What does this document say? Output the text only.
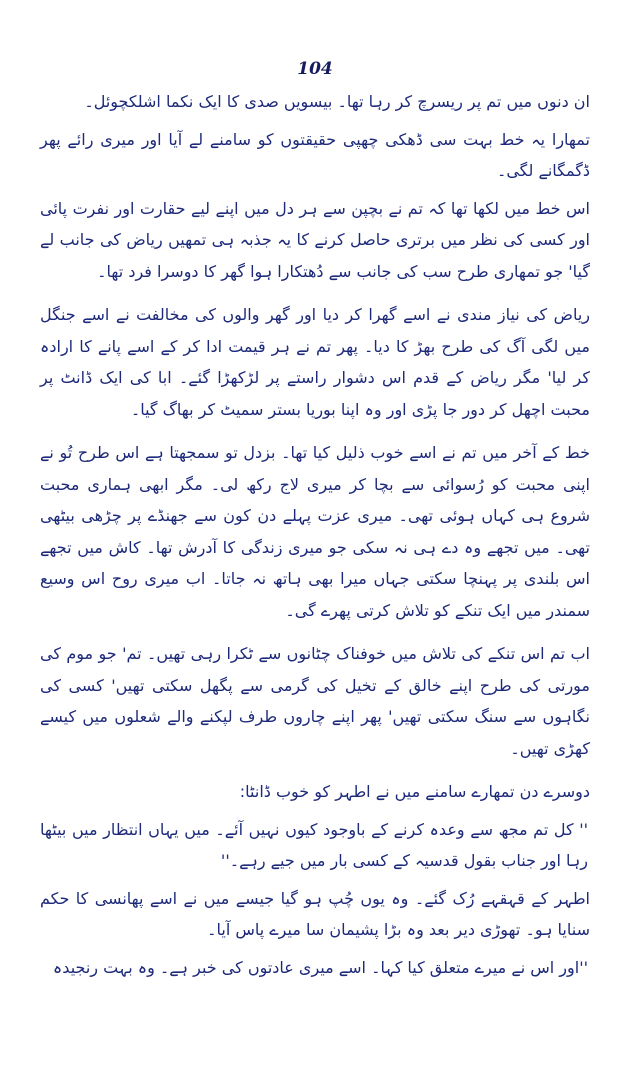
104

ان دنوں میں تم پر ریسرچ کر رہا تھا۔ بیسویں صدی کا ایک نکما اشلکچوئل۔

تمھارا یہ خط بہت سی ڈھکی چھپی حقیقتوں کو سامنے لے آیا اور میری رائے پھر ڈگمگانے لگی۔

اس خط میں لکھا تھا کہ تم نے بچپن سے ہر دل میں اپنے لیے حقارت اور نفرت پائی اور کسی کی نظر میں برتری حاصل کرنے کا یہ جذبہ ہی تمھیں ریاض کی جانب لے گیا' جو تمھاری طرح سب کی جانب سے دُھتکارا ہوا گھر کا دوسرا فرد تھا۔

ریاض کی نیاز مندی نے اسے گھرا کر دیا اور گھر والوں کی مخالفت نے اسے جنگل میں لگی آگ کی طرح بھڑ کا دیا۔ پھر تم نے ہر قیمت ادا کر کے اسے پانے کا ارادہ کر لیا' مگر ریاض کے قدم اس دشوار راستے پر لڑکھڑا گئے۔ ابا کی ایک ڈانٹ پر محبت اچھل کر دور جا پڑی اور وہ اپنا بوریا بستر سمیٹ کر بھاگ گیا۔

خط کے آخر میں تم نے اسے خوب ذلیل کیا تھا۔ بزدل تو سمجھتا ہے اس طرح تُو نے اپنی محبت کو رُسوائی سے بچا کر میری لاج رکھ لی۔ مگر ابھی ہماری محبت شروع ہی کہاں ہوئی تھی۔ میری عزت پہلے دن کون سے جھنڈے پر چڑھی بیٹھی تھی۔ میں تجھے وہ دے ہی نہ سکی جو میری زندگی کا آدرش تھا۔ کاش میں تجھے اس بلندی پر پہنچا سکتی جہاں میرا بھی ہاتھ نہ جاتا۔ اب میری روح اس وسیع سمندر میں ایک تنکے کو تلاش کرتی پھرے گی۔

اب تم اس تنکے کی تلاش میں خوفناک چٹانوں سے ٹکرا رہی تھیں۔ تم' جو موم کی مورتی کی طرح اپنے خالق کے تخیل کی گرمی سے پگھل سکتی تھیں' کسی کی نگاہوں سے سنگ سکتی تھیں' پھر اپنے چاروں طرف لپکنے والے شعلوں میں کیسے کھڑی تھیں۔

دوسرے دن تمھارے سامنے میں نے اطہر کو خوب ڈانٹا:

'' کل تم مجھ سے وعدہ کرنے کے باوجود کیوں نہیں آئے۔ میں یہاں انتظار میں بیٹھا رہا اور جناب بقول قدسیہ کے کسی بار میں جیے رہے۔''

اطہر کے قہقہے رُک گئے۔ وہ یوں چُپ ہو گیا جیسے میں نے اسے پھانسی کا حکم سنایا ہو۔ تھوڑی دیر بعد وہ بڑا پشیمان سا میرے پاس آیا۔

''اور اس نے میرے متعلق کیا کہا۔ اسے میری عادتوں کی خبر ہے۔ وہ بہت رنجیدہ
